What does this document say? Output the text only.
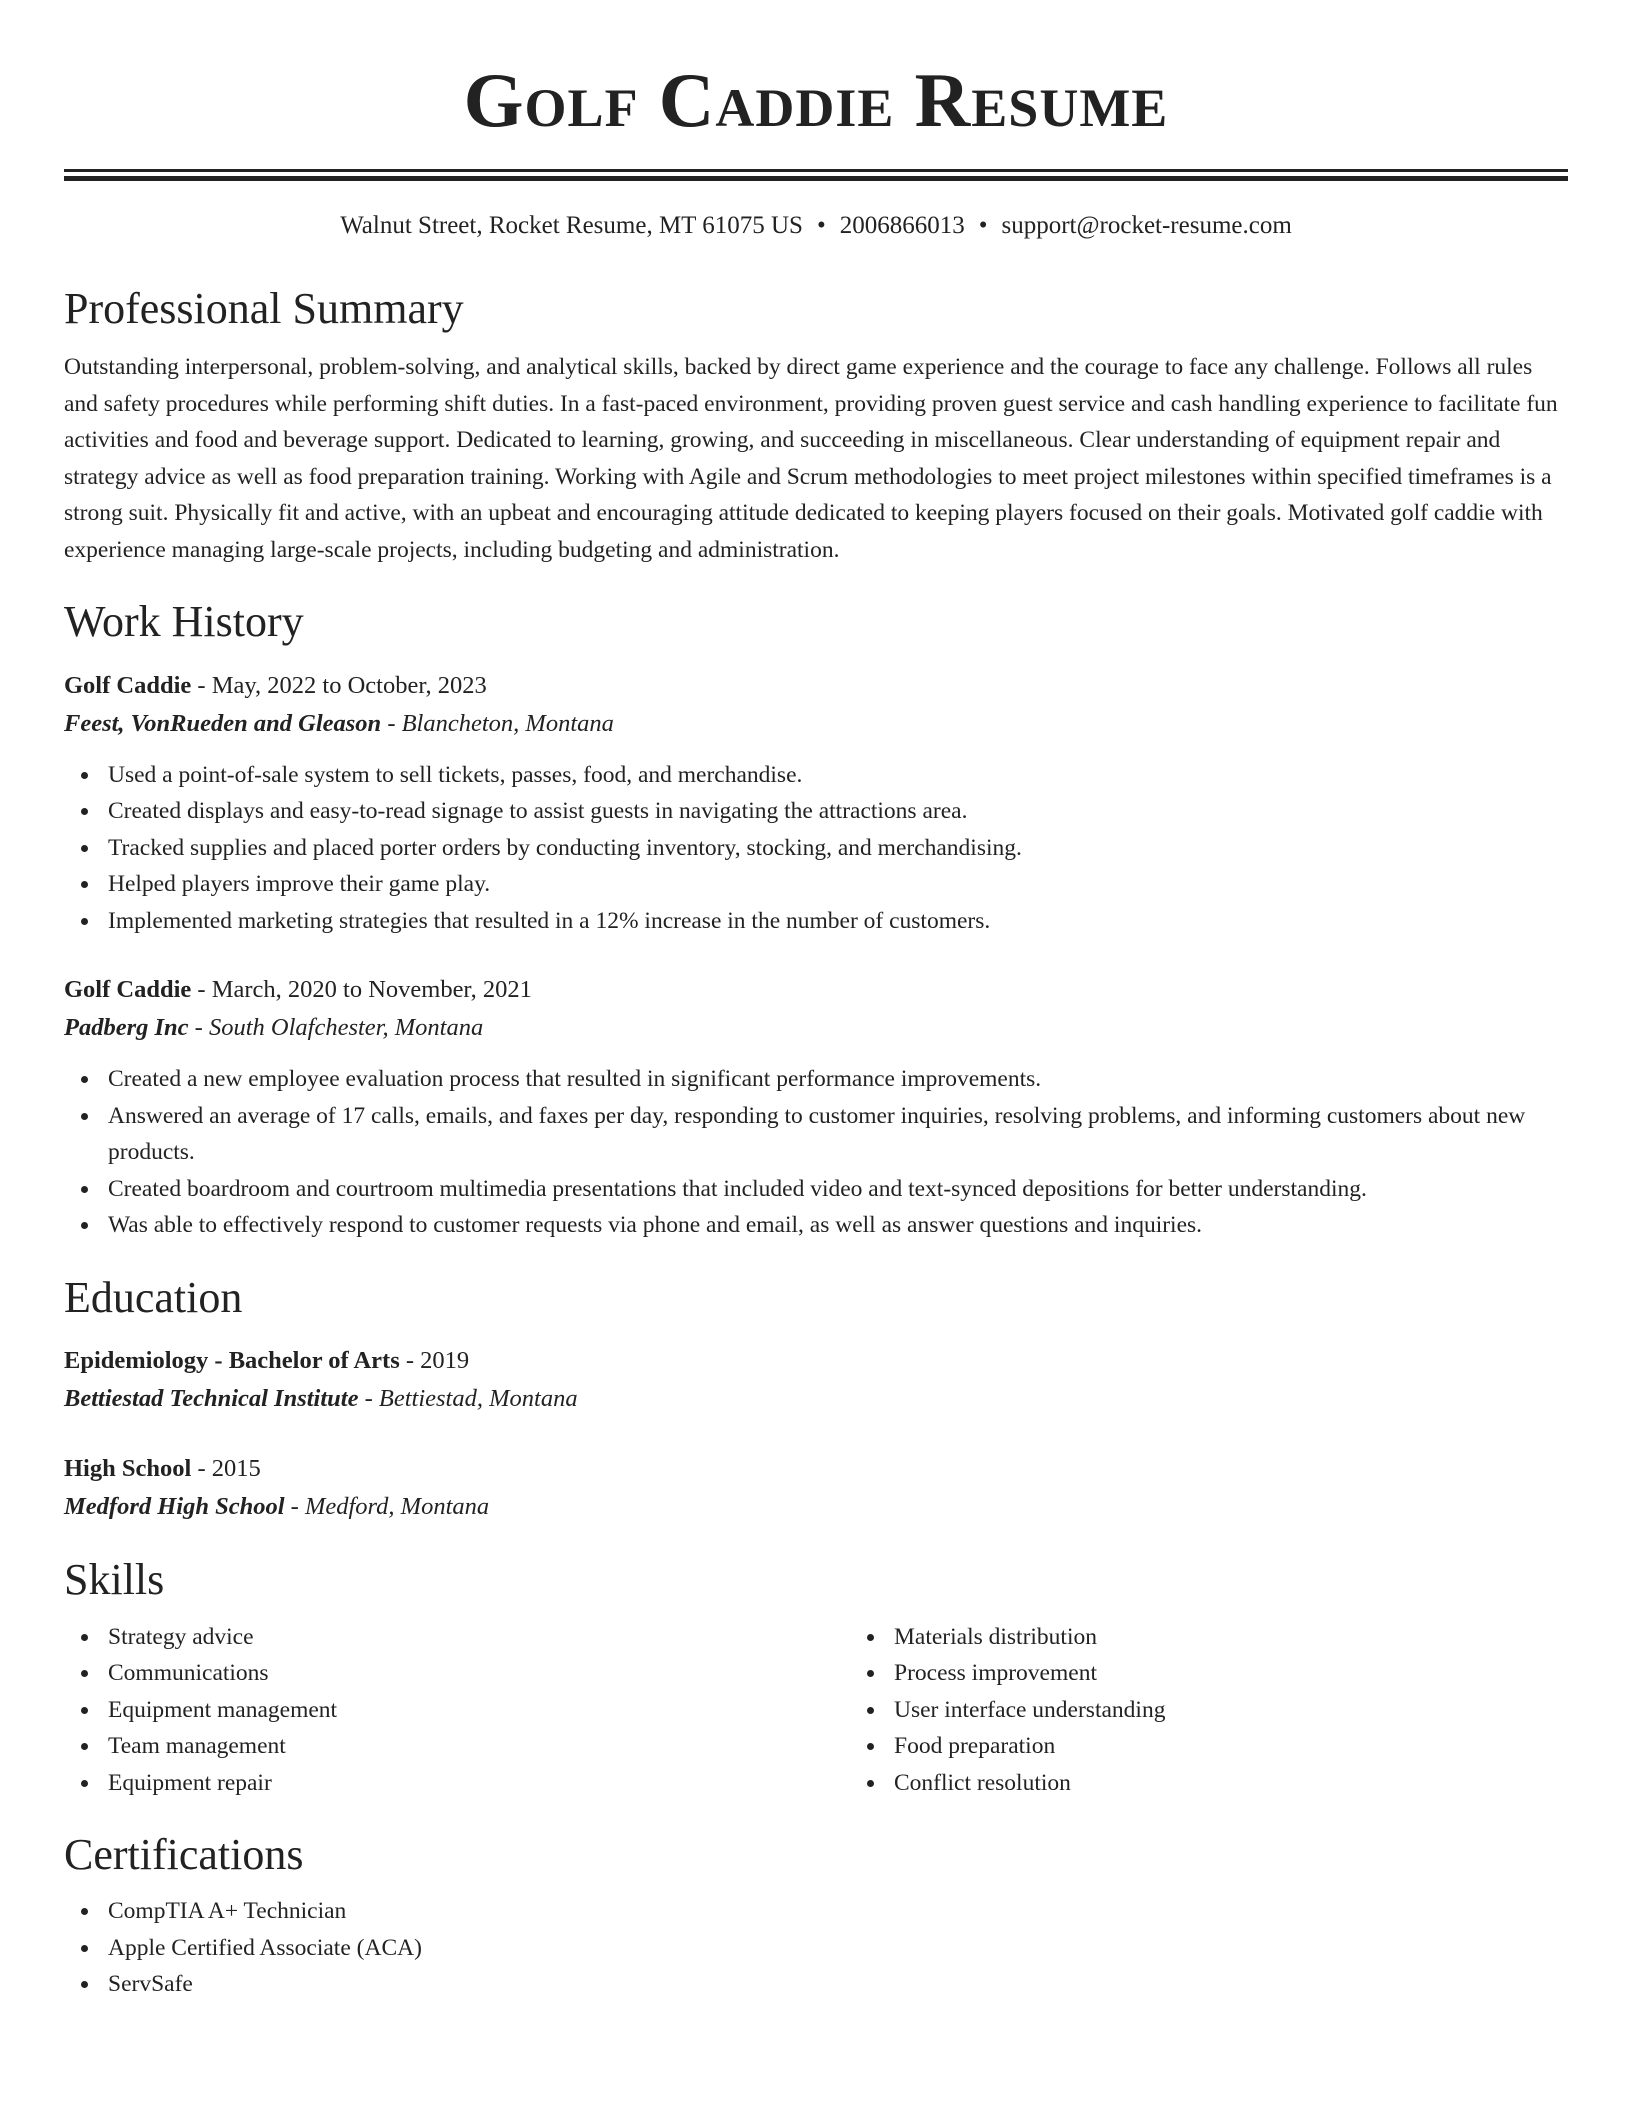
Golf Caddie Resume
Walnut Street, Rocket Resume, MT 61075 US • 2006866013 • support@rocket-resume.com
Professional Summary
Outstanding interpersonal, problem-solving, and analytical skills, backed by direct game experience and the courage to face any challenge. Follows all rules and safety procedures while performing shift duties. In a fast-paced environment, providing proven guest service and cash handling experience to facilitate fun activities and food and beverage support. Dedicated to learning, growing, and succeeding in miscellaneous. Clear understanding of equipment repair and strategy advice as well as food preparation training. Working with Agile and Scrum methodologies to meet project milestones within specified timeframes is a strong suit. Physically fit and active, with an upbeat and encouraging attitude dedicated to keeping players focused on their goals. Motivated golf caddie with experience managing large-scale projects, including budgeting and administration.
Work History
Golf Caddie - May, 2022 to October, 2023
Feest, VonRueden and Gleason - Blancheton, Montana
Used a point-of-sale system to sell tickets, passes, food, and merchandise.
Created displays and easy-to-read signage to assist guests in navigating the attractions area.
Tracked supplies and placed porter orders by conducting inventory, stocking, and merchandising.
Helped players improve their game play.
Implemented marketing strategies that resulted in a 12% increase in the number of customers.
Golf Caddie - March, 2020 to November, 2021
Padberg Inc - South Olafchester, Montana
Created a new employee evaluation process that resulted in significant performance improvements.
Answered an average of 17 calls, emails, and faxes per day, responding to customer inquiries, resolving problems, and informing customers about new products.
Created boardroom and courtroom multimedia presentations that included video and text-synced depositions for better understanding.
Was able to effectively respond to customer requests via phone and email, as well as answer questions and inquiries.
Education
Epidemiology - Bachelor of Arts - 2019
Bettiestad Technical Institute - Bettiestad, Montana
High School - 2015
Medford High School - Medford, Montana
Skills
Strategy advice
Communications
Equipment management
Team management
Equipment repair
Materials distribution
Process improvement
User interface understanding
Food preparation
Conflict resolution
Certifications
CompTIA A+ Technician
Apple Certified Associate (ACA)
ServSafe
